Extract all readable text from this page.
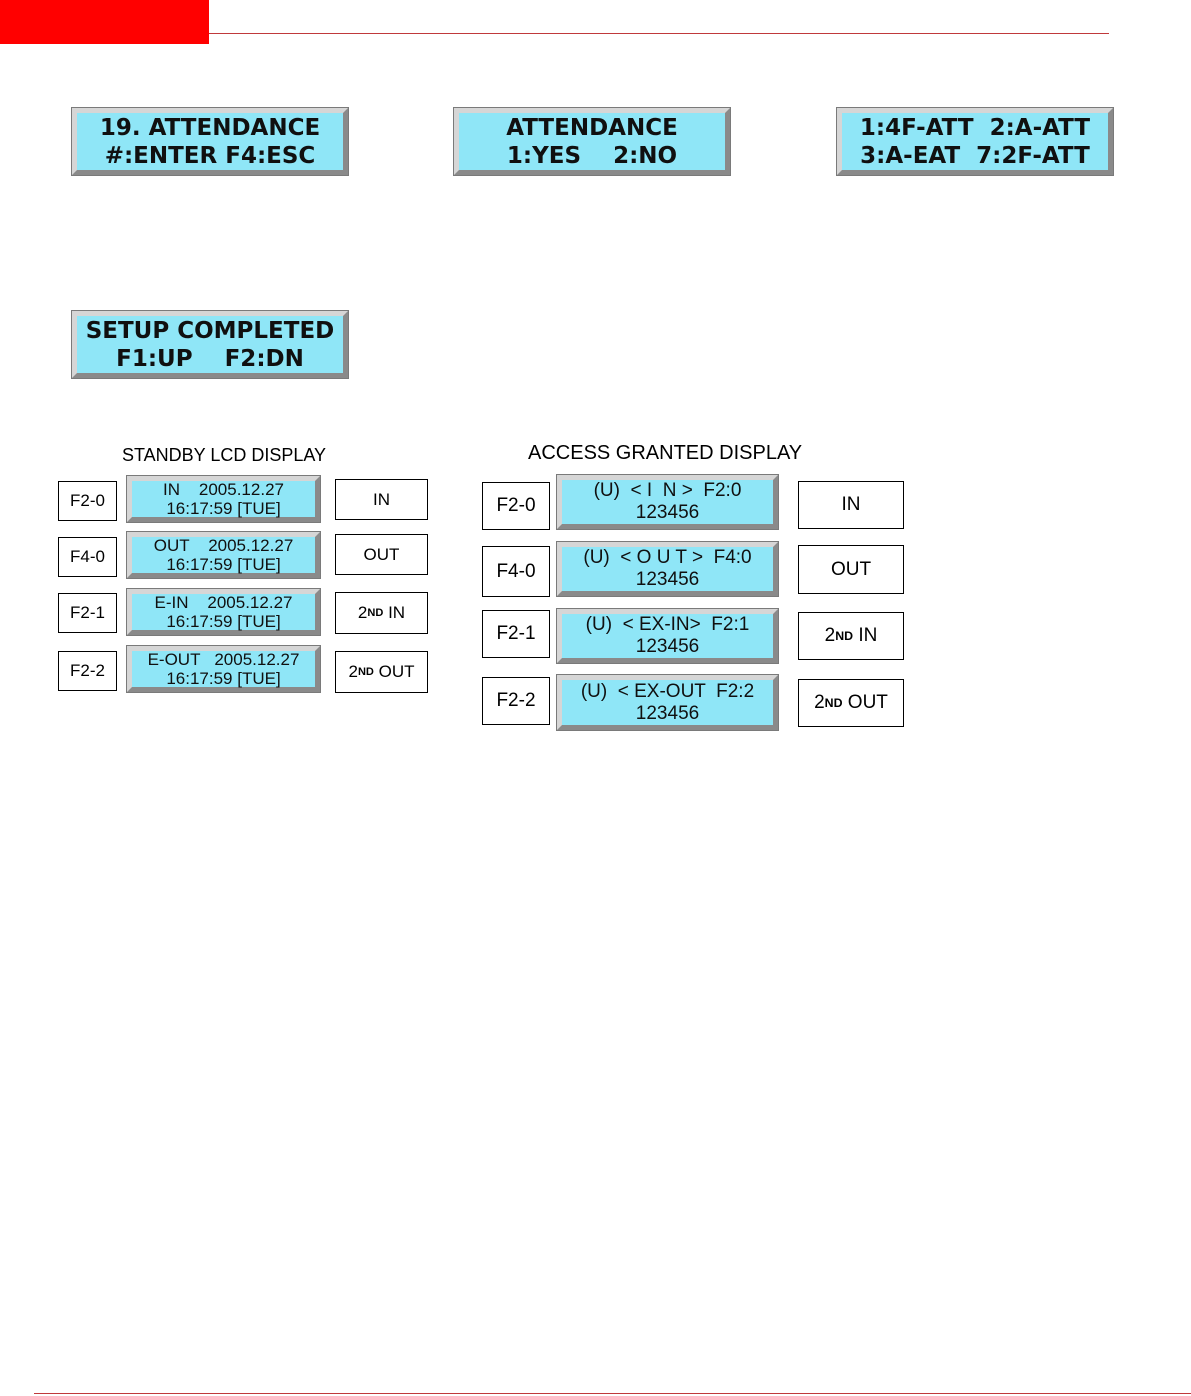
19. ATTENDANCE
#:ENTER F4:ESC
ATTENDANCE
1:YES    2:NO
1:4F-ATT  2:A-ATT
3:A-EAT  7:2F-ATT
SETUP COMPLETED
F1:UP    F2:DN
STANDBY LCD DISPLAY
F2-0
IN    2005.12.27
16:17:59 [TUE]	IN
F4-0
OUT    2005.12.27
16:17:59 [TUE]
OUT
F2-1
E-IN    2005.12.27
16:17:59 [TUE]	2 ND IN
F2-2
E-OUT   2005.12.27
16:17:59 [TUE]	2 ND OUT
ACCESS GRANTED DISPLAY
F2-0
(U)  < I  N >  F2:0
123456	IN
F4-0
(U)  < O U T >  F4:0
123456	OUT
F2-1	(U)  < EX-IN>  F2:1
123456
2 ND IN
F2-2	(U)  < EX-OUT  F2:2
123456	2 ND OUT
